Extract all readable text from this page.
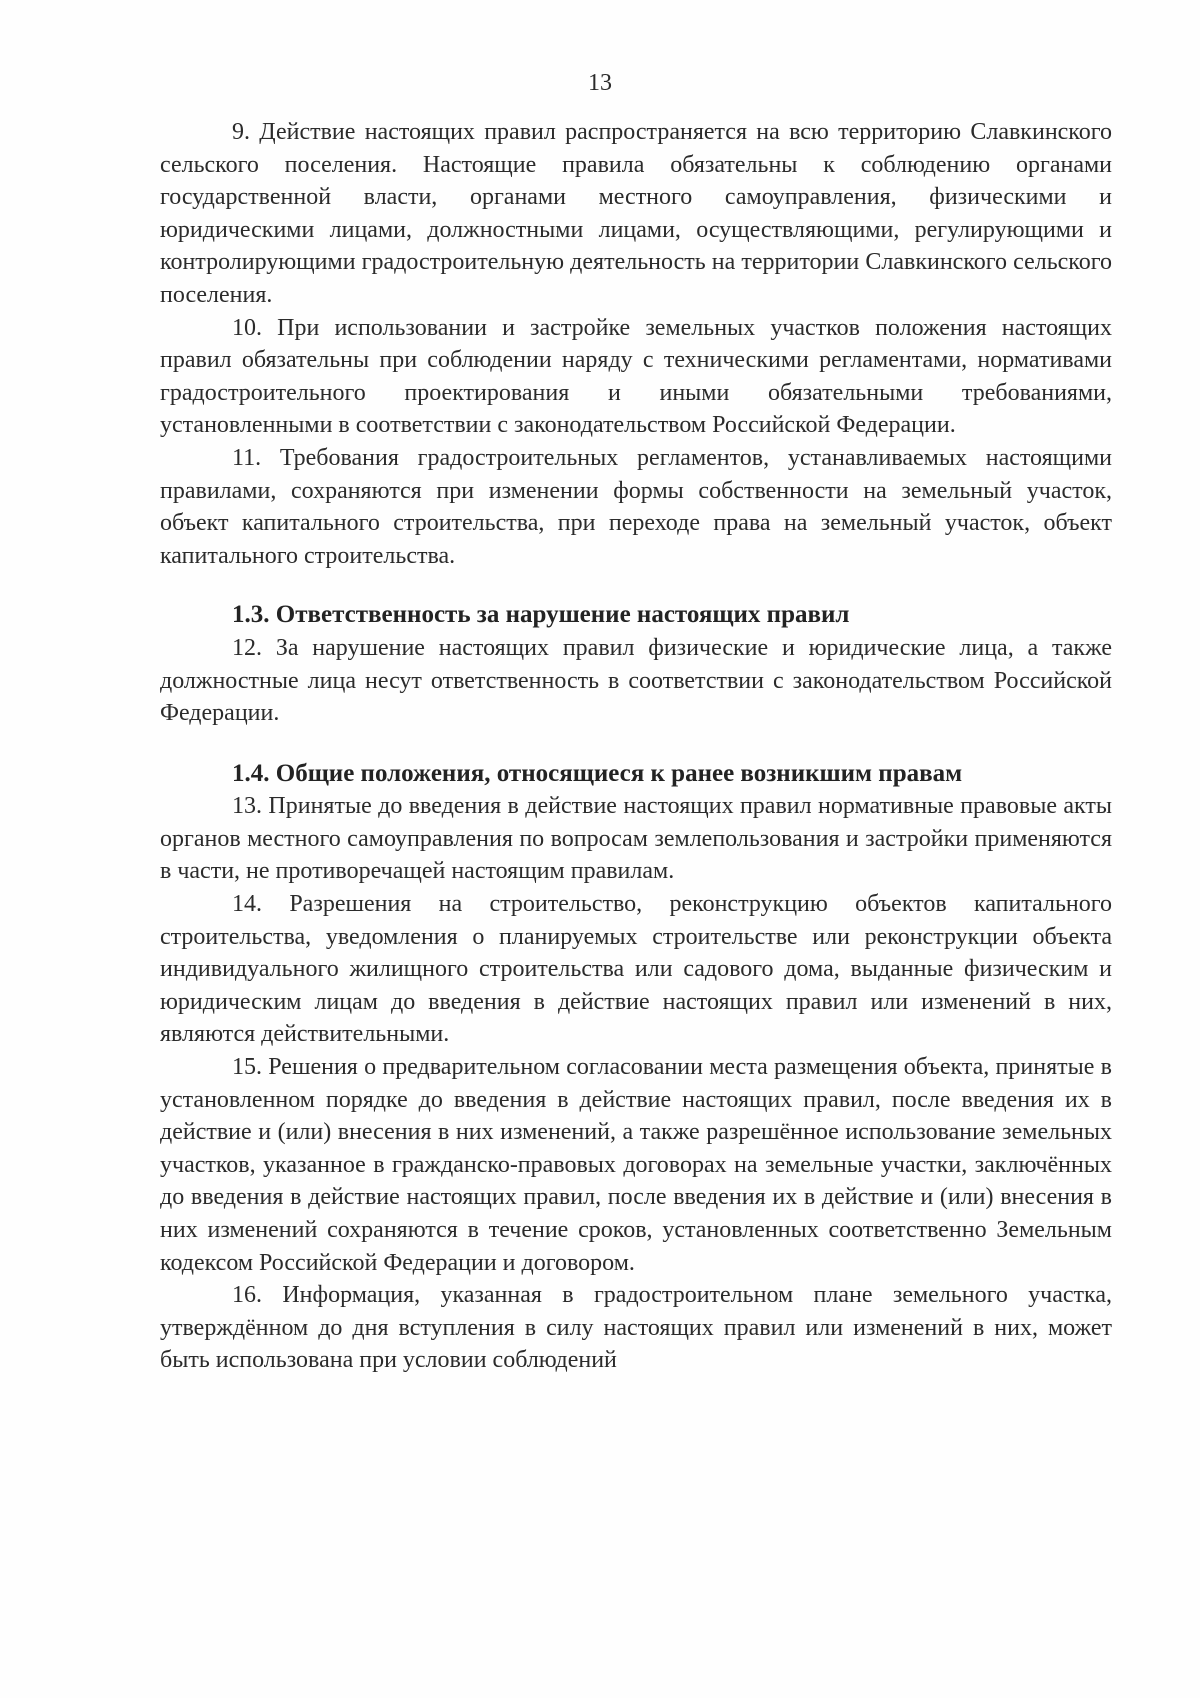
13

9. Действие настоящих правил распространяется на всю территорию Славкинского сельского поселения. Настоящие правила обязательны к соблюдению органами государственной власти, органами местного самоуправления, физическими и юридическими лицами, должностными лицами, осуществляющими, регулирующими и контролирующими градостроительную деятельность на территории Славкинского сельского поселения.

10. При использовании и застройке земельных участков положения настоящих правил обязательны при соблюдении наряду с техническими регламентами, нормативами градостроительного проектирования и иными обязательными требованиями, установленными в соответствии с законодательством Российской Федерации.

11. Требования градостроительных регламентов, устанавливаемых настоящими правилами, сохраняются при изменении формы собственности на земельный участок, объект капитального строительства, при переходе права на земельный участок, объект капитального строительства.

1.3. Ответственность за нарушение настоящих правил

12. За нарушение настоящих правил физические и юридические лица, а также должностные лица несут ответственность в соответствии с законодательством Российской Федерации.

1.4. Общие положения, относящиеся к ранее возникшим правам

13. Принятые до введения в действие настоящих правил нормативные правовые акты органов местного самоуправления по вопросам землепользования и застройки применяются в части, не противоречащей настоящим правилам.

14. Разрешения на строительство, реконструкцию объектов капитального строительства, уведомления о планируемых строительстве или реконструкции объекта индивидуального жилищного строительства или садового дома, выданные физическим и юридическим лицам до введения в действие настоящих правил или изменений в них, являются действительными.

15. Решения о предварительном согласовании места размещения объекта, принятые в установленном порядке до введения в действие настоящих правил, после введения их в действие и (или) внесения в них изменений, а также разрешённое использование земельных участков, указанное в гражданско-правовых договорах на земельные участки, заключённых до введения в действие настоящих правил, после введения их в действие и (или) внесения в них изменений сохраняются в течение сроков, установленных соответственно Земельным кодексом Российской Федерации и договором.

16. Информация, указанная в градостроительном плане земельного участка, утверждённом до дня вступления в силу настоящих правил или изменений в них, может быть использована при условии соблюдений
